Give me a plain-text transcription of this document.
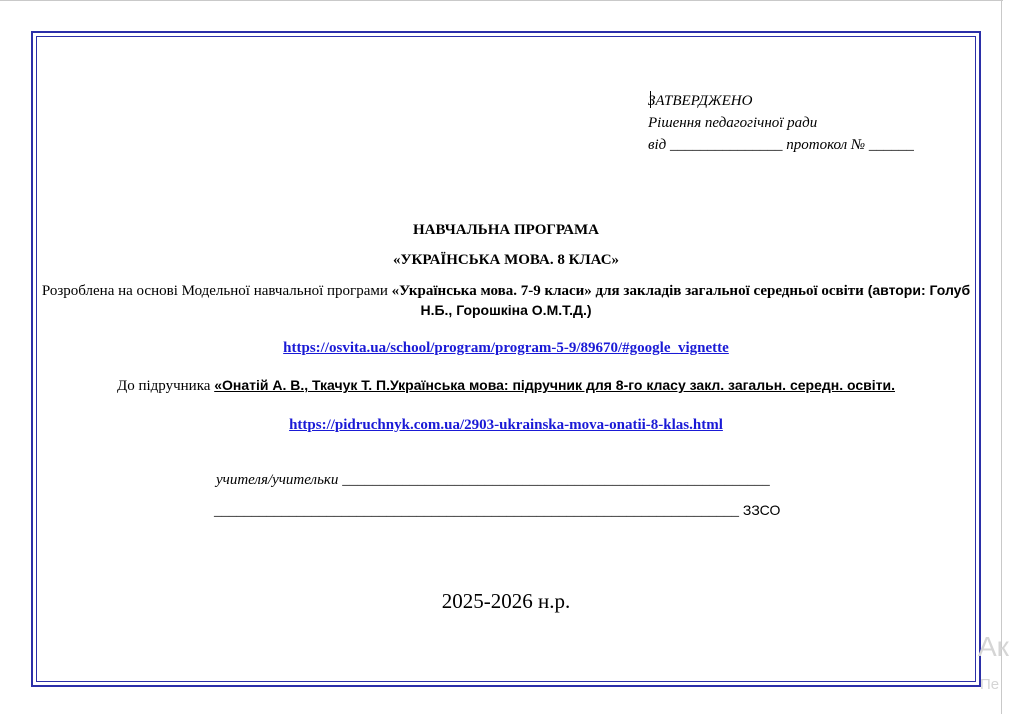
ЗАТВЕРДЖЕНО
Рішення педагогічної ради
від _______________ протокол № ______
НАВЧАЛЬНА ПРОГРАМА
«УКРАЇНСЬКА МОВА. 8 КЛАС»
Розроблена на основі Модельної навчальної програми «Українська мова. 7-9 класи» для закладів загальної середньої освіти (автори: Голуб Н.Б., Горошкіна О.М.Т.Д.)
https://osvita.ua/school/program/program-5-9/89670/#google_vignette
До підручника «Онатій А. В., Ткачук Т. П.Українська мова: підручник для 8-го класу закл. загальн. середн. освіти.
https://pidruchnyk.com.ua/2903-ukrainska-mova-onatii-8-klas.html
учителя/учительки _________________________________________________________
______________________________________________________________________ ЗЗСО
2025-2026 н.р.
Ак
Пе
